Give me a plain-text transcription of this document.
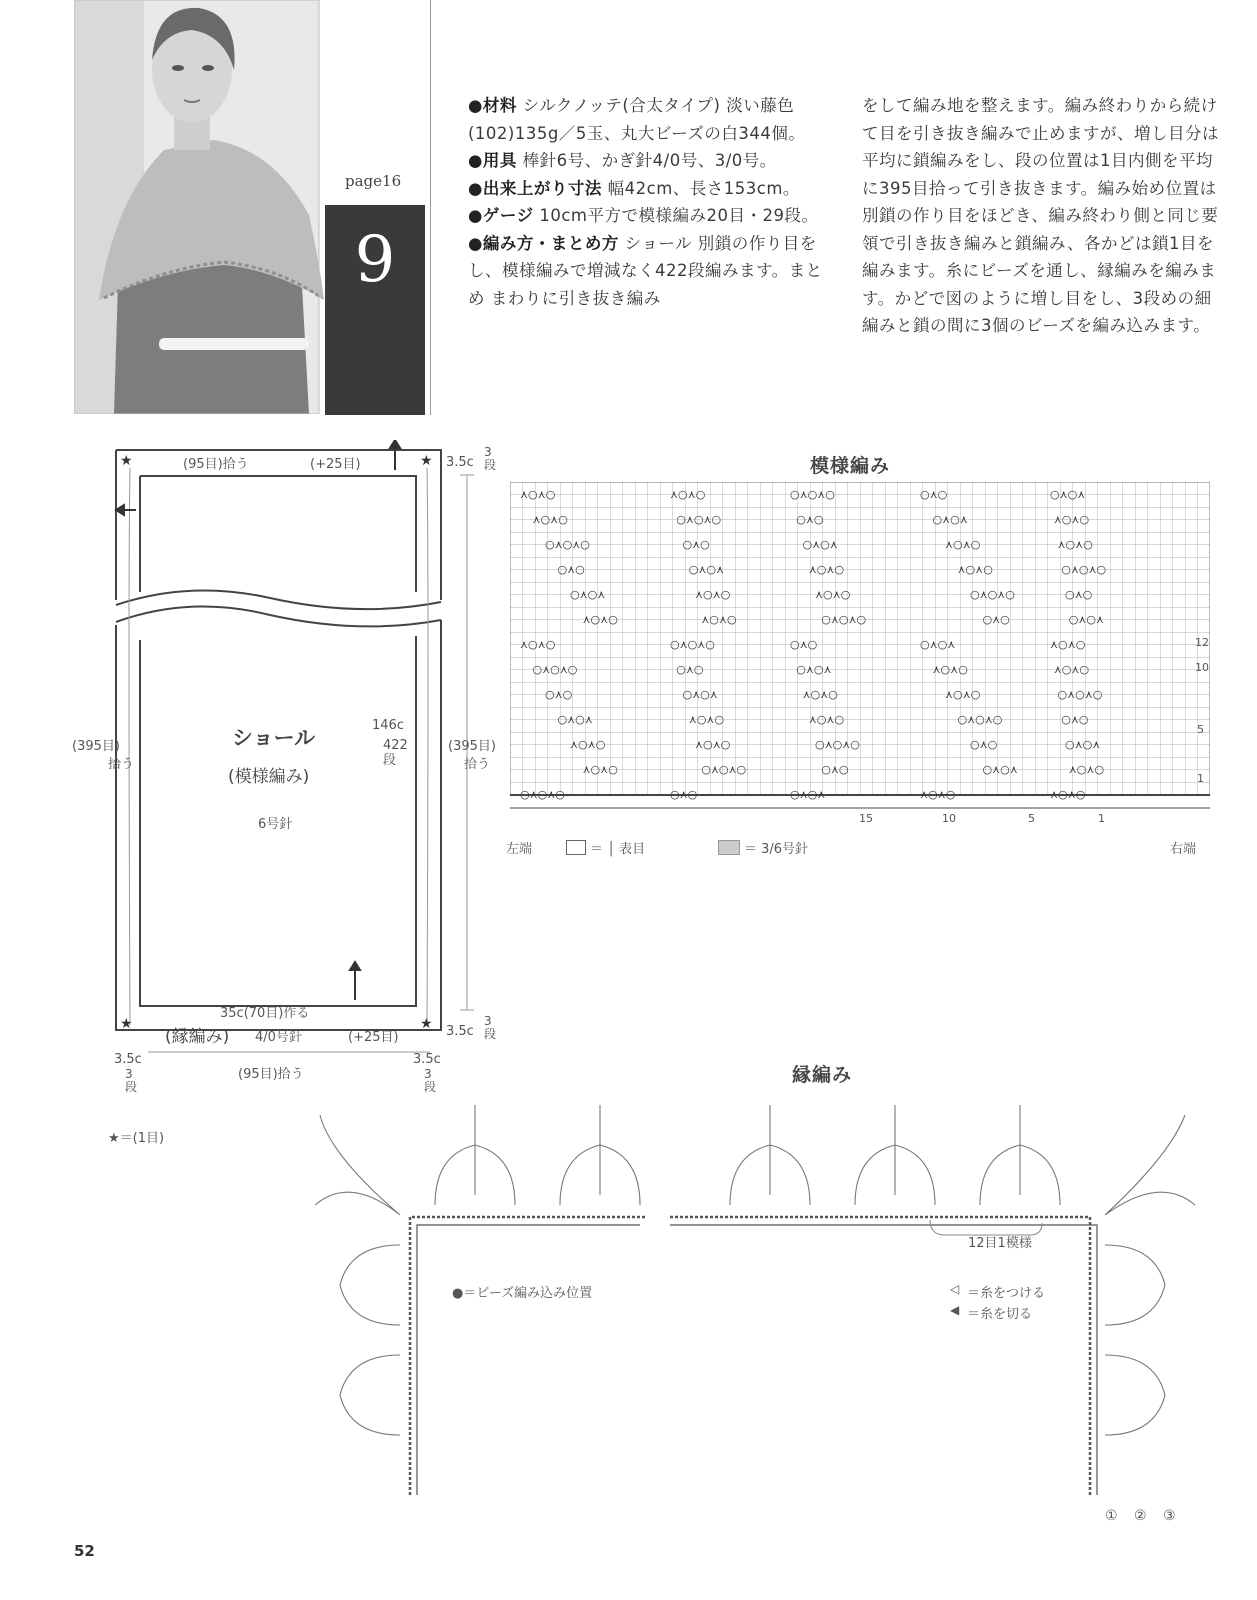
page16
9

●材料 シルクノッテ(合太タイプ) 淡い藤色(102)135g／5玉、丸大ビーズの白344個。

●用具 棒針6号、かぎ針4/0号、3/0号。

●出来上がり寸法 幅42cm、長さ153cm。

●ゲージ 10cm平方で模様編み20目・29段。

●編み方・まとめ方 ショール 別鎖の作り目をし、模様編みで増減なく422段編みます。まとめ まわりに引き抜き編み

をして編み地を整えます。編み終わりから続けて目を引き抜き編みで止めますが、増し目分は平均に鎖編みをし、段の位置は1目内側を平均に395目拾って引き抜きます。編み始め位置は別鎖の作り目をほどき、編み終わり側と同じ要領で引き抜き編みと鎖編み、各かどは鎖1目を編みます。糸にビーズを通し、縁編みを編みます。かどで図のように増し目をし、3段めの細編みと鎖の間に3個のビーズを編み込みます。
★	★
★	★
(95目)拾う	(+25目)	3.5c
3段
ショール
(模様編み)
6号針
146c
422段
(395目)
拾う
(395目)
拾う
35c(70目)作る
(縁編み) 4/0号針	(+25目)	3.5c
3段
3.5c
3段
(95目)拾う
3.5c
3段
★＝(1目)
模様編み
⋏○⋏○	⋏○⋏○	○⋏○⋏○	○⋏○	○⋏○⋏
⋏○⋏○	○⋏○⋏○	○⋏○	○⋏○⋏	⋏○⋏○
○⋏○⋏○	○⋏○	○⋏○⋏	⋏○⋏○	⋏○⋏○
○⋏○	○⋏○⋏	⋏○⋏○	⋏○⋏○	○⋏○⋏○
○⋏○⋏	⋏○⋏○	⋏○⋏○	○⋏○⋏○	○⋏○
⋏○⋏○	⋏○⋏○	○⋏○⋏○	○⋏○	○⋏○⋏
⋏○⋏○	○⋏○⋏○	○⋏○	○⋏○⋏	⋏○⋏○
○⋏○⋏○	○⋏○	○⋏○⋏	⋏○⋏○	⋏○⋏○
○⋏○	○⋏○⋏	⋏○⋏○	⋏○⋏○	○⋏○⋏○
○⋏○⋏	⋏○⋏○	⋏○⋏○	○⋏○⋏○	○⋏○
⋏○⋏○	⋏○⋏○	○⋏○⋏○	○⋏○	○⋏○⋏
⋏○⋏○	○⋏○⋏○	○⋏○	○⋏○⋏	⋏○⋏○
○⋏○⋏○	○⋏○	○⋏○⋏	⋏○⋏○	⋏○⋏○
15	10	5	1
12
10
5
1
左端	右端
＝ │ 表目	＝ 3/6号針
縁編み
12目1模様
●＝ビーズ編み込み位置	◁ ＝糸をつける
◀ ＝糸を切る
① ② ③
52
